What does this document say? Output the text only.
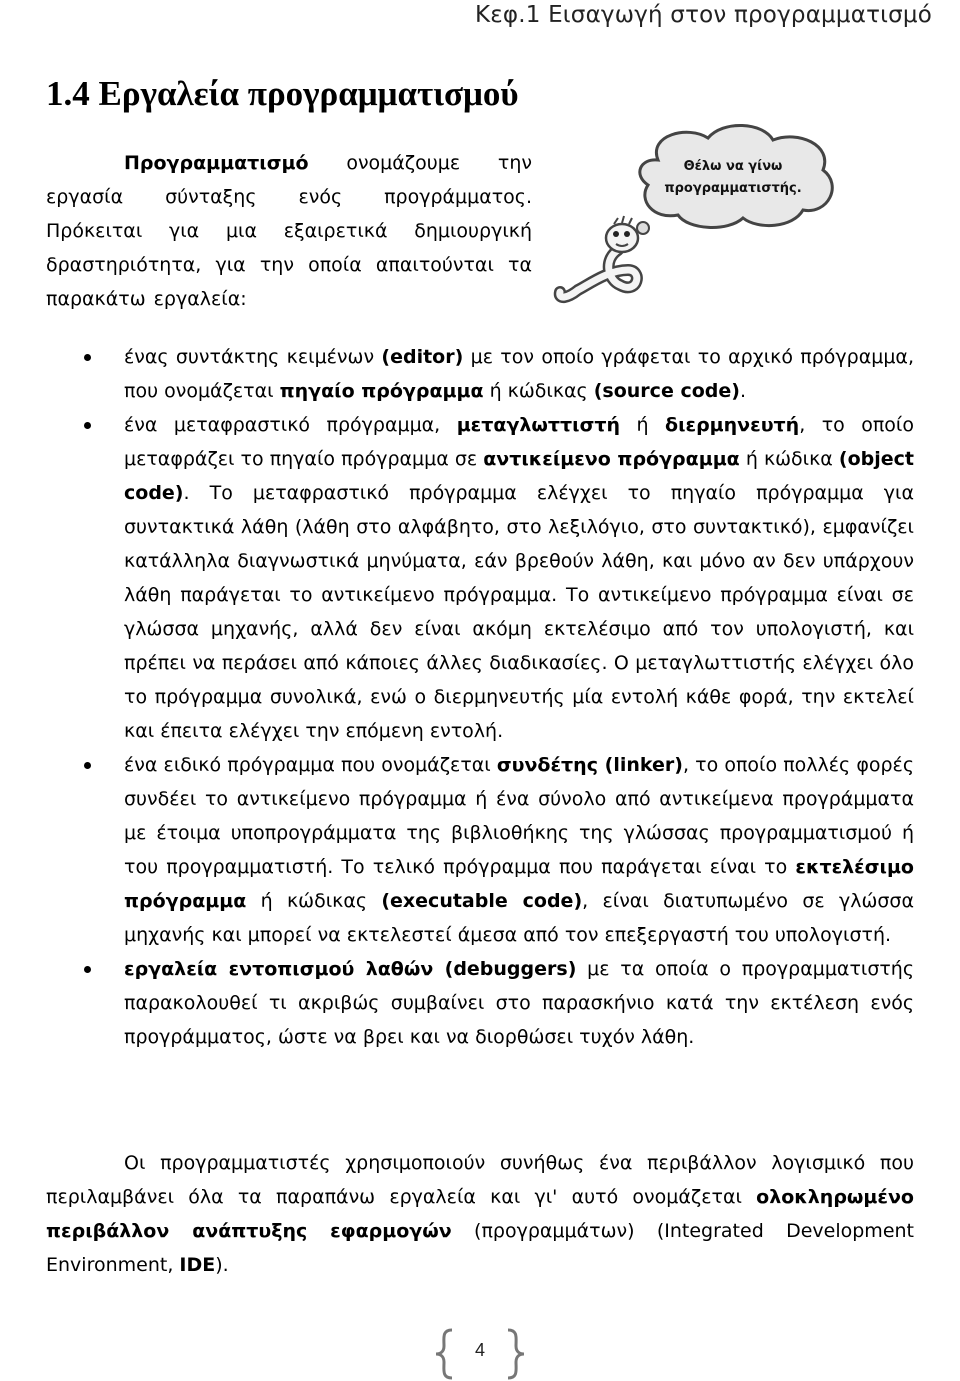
Κεφ.1 Εισαγωγή στον προγραμματισμό
1.4 Εργαλεία προγραμματισμού
Προγραμματισμό ονομάζουμε την εργασία σύνταξης ενός προγράμματος. Πρόκειται για μια εξαιρετικά δημιουργική δραστηριότητα, για την οποία απαιτούνται τα παρακάτω εργαλεία:
Θέλω να γίνω
προγραμματιστής.
ένας συντάκτης κειμένων (editor) με τον οποίο γράφεται το αρχικό πρόγραμμα, που ονομάζεται πηγαίο πρόγραμμα ή κώδικας (source code).
ένα μεταφραστικό πρόγραμμα, μεταγλωττιστή ή διερμηνευτή, το οποίο μεταφράζει το πηγαίο πρόγραμμα σε αντικείμενο πρόγραμμα ή κώδικα (object code). Το μεταφραστικό πρόγραμμα ελέγχει το πηγαίο πρόγραμμα για συντακτικά λάθη (λάθη στο αλφάβητο, στο λεξιλόγιο, στο συντακτικό), εμφανίζει κατάλληλα διαγνωστικά μηνύματα, εάν βρεθούν λάθη, και μόνο αν δεν υπάρχουν λάθη παράγεται το αντικείμενο πρόγραμμα. Το αντικείμενο πρόγραμμα είναι σε γλώσσα μηχανής, αλλά δεν είναι ακόμη εκτελέσιμο από τον υπολογιστή, και πρέπει να περάσει από κάποιες άλλες διαδικασίες. Ο μεταγλωττιστής ελέγχει όλο το πρόγραμμα συνολικά, ενώ ο διερμηνευτής μία εντολή κάθε φορά, την εκτελεί και έπειτα ελέγχει την επόμενη εντολή.
ένα ειδικό πρόγραμμα που ονομάζεται συνδέτης (linker), το οποίο πολλές φορές συνδέει το αντικείμενο πρόγραμμα ή ένα σύνολο από αντικείμενα προγράμματα με έτοιμα υποπρογράμματα της βιβλιοθήκης της γλώσσας προγραμματισμού ή του προγραμματιστή. Το τελικό πρόγραμμα που παράγεται είναι το εκτελέσιμο πρόγραμμα ή κώδικας (executable code), είναι διατυπωμένο σε γλώσσα μηχανής και μπορεί να εκτελεστεί άμεσα από τον επεξεργαστή του υπολογιστή.
εργαλεία εντοπισμού λαθών (debuggers) με τα οποία ο προγραμματιστής παρακολουθεί τι ακριβώς συμβαίνει στο παρασκήνιο κατά την εκτέλεση ενός προγράμματος, ώστε να βρει και να διορθώσει τυχόν λάθη.
Οι προγραμματιστές χρησιμοποιούν συνήθως ένα περιβάλλον λογισμικό που περιλαμβάνει όλα τα παραπάνω εργαλεία και γι' αυτό ονομάζεται ολοκληρωμένο περιβάλλον ανάπτυξης εφαρμογών (προγραμμάτων) (Integrated Development Environment, IDE).
4
